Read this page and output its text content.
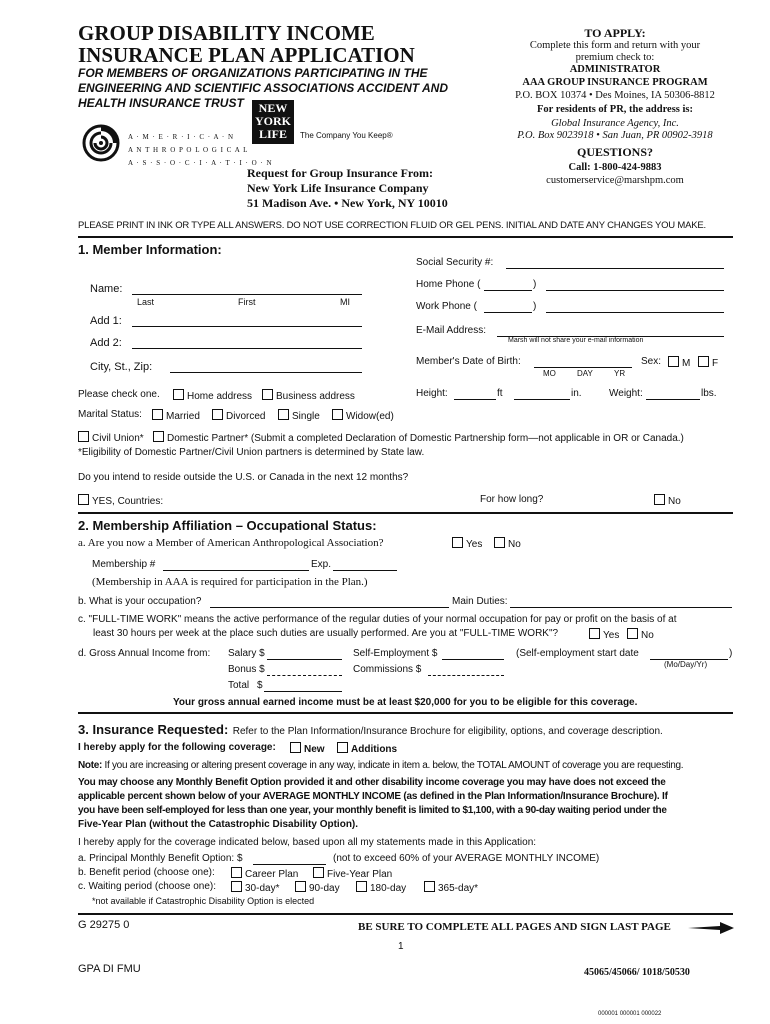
GROUP DISABILITY INCOME
INSURANCE PLAN APPLICATION
FOR MEMBERS OF ORGANIZATIONS PARTICIPATING IN THE
ENGINEERING AND SCIENTIFIC ASSOCIATIONS ACCIDENT AND
HEALTH INSURANCE TRUST
A · M · E · R · I · C · A · N
A N T H R O P O L O G I C A L
A · S · S · O · C · I · A · T · I · O · N
NEW
YORK
LIFE	The Company You Keep®
Request for Group Insurance From:
New York Life Insurance Company
51 Madison Ave. • New York, NY 10010
TO APPLY:
Complete this form and return with your
premium check to:
ADMINISTRATOR
AAA GROUP INSURANCE PROGRAM
P.O. BOX 10374 • Des Moines, IA 50306-8812
For residents of PR, the address is:
Global Insurance Agency, Inc.
P.O. Box 9023918 • San Juan, PR 00902-3918
QUESTIONS?
Call: 1-800-424-9883
customerservice@marshpm.com
PLEASE PRINT IN INK OR TYPE ALL ANSWERS. DO NOT USE CORRECTION FLUID OR GEL PENS. INITIAL AND DATE ANY CHANGES YOU MAKE.
1. Member Information:
Name:
Last	First	MI
Add 1:
Add 2:
City, St., Zip:
Social Security #:
Home Phone (	)
Work Phone (	)
E-Mail Address:
Marsh will not share your e-mail information
Member's Date of Birth:
MO	DAY	YR
Sex:	M	F
Height:	ft	in.	Weight:	lbs.
Please check one.	Home address	Business address
Marital Status:	Married	Divorced	Single	Widow(ed)
Civil Union*	Domestic Partner* (Submit a completed Declaration of Domestic Partnership form—not applicable in OR or Canada.)
*Eligibility of Domestic Partner/Civil Union partners is determined by State law.
Do you intend to reside outside the U.S. or Canada in the next 12 months?
YES, Countries:	For how long?	No
2. Membership Affiliation – Occupational Status:
a. Are you now a Member of American Anthropological Association?	Yes	No
Membership #	Exp.
(Membership in AAA is required for participation in the Plan.)
b. What is your occupation?	Main Duties:
c. "FULL-TIME WORK" means the active performance of the regular duties of your normal occupation for pay or profit on the basis of at
least 30 hours per week at the place such duties are usually performed. Are you at "FULL-TIME WORK"?	Yes	No
d. Gross Annual Income from: Salary $	Self-Employment $	(Self-employment start date	)
(Mo/Day/Yr)
Bonus $	Commissions $
Total $
Your gross annual earned income must be at least $20,000 for you to be eligible for this coverage.
3. Insurance Requested: Refer to the Plan Information/Insurance Brochure for eligibility, options, and coverage description.
I hereby apply for the following coverage:	New	Additions
Note: If you are increasing or altering present coverage in any way, indicate in item a. below, the TOTAL AMOUNT of coverage you are requesting.
You may choose any Monthly Benefit Option provided it and other disability income coverage you may have does not exceed the
applicable percent shown below of your AVERAGE MONTHLY INCOME (as defined in the Plan Information/Insurance Brochure). If
you have been self-employed for less than one year, your monthly benefit is limited to $1,100, with a 90-day waiting period under the
Five-Year Plan (without the Catastrophic Disability Option).
I hereby apply for the coverage indicated below, based upon all my statements made in this Application:
a. Principal Monthly Benefit Option: $	(not to exceed 60% of your AVERAGE MONTHLY INCOME)
b. Benefit period (choose one):	Career Plan	Five-Year Plan
c. Waiting period (choose one):	30-day*	90-day	180-day	365-day*
*not available if Catastrophic Disability Option is elected
G 29275 0	BE SURE TO COMPLETE ALL PAGES AND SIGN LAST PAGE
1
GPA DI FMU	45065/45066/ 1018/50530
000001 000001 000022
